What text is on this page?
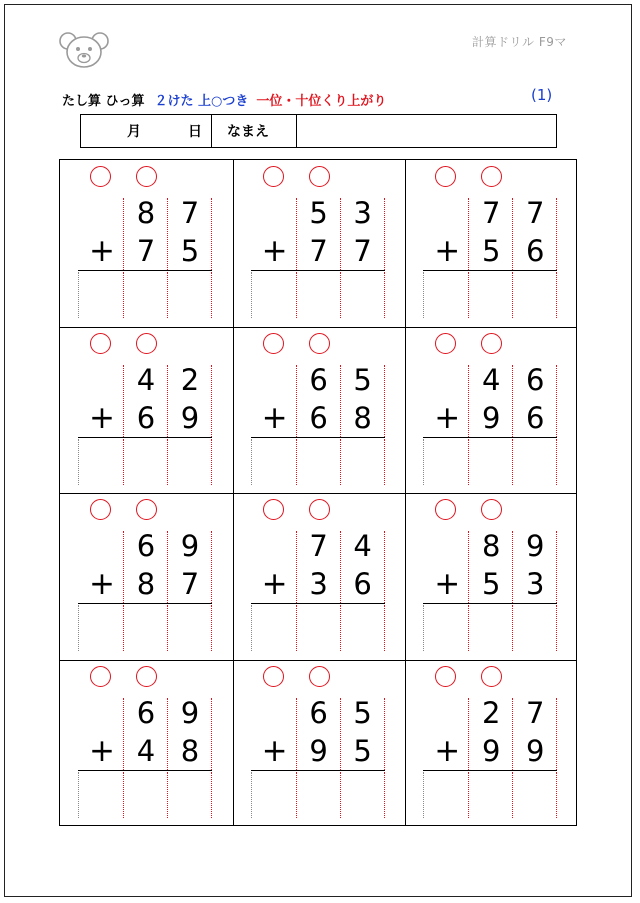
計算ドリル F9マ
たし算 ひっ算 ２けた 上○つき 一位・十位くり上がり	(1)
月	日 なまえ
8 7
+ 7 5
5 3
+ 7 7
7 7
+ 5 6
4 2
+ 6 9
6 5
+ 6 8
4 6
+ 9 6
6 9
+ 8 7
7 4
+ 3 6
8 9
+ 5 3
6 9
+ 4 8
6 5
+ 9 5
2 7
+ 9 9
